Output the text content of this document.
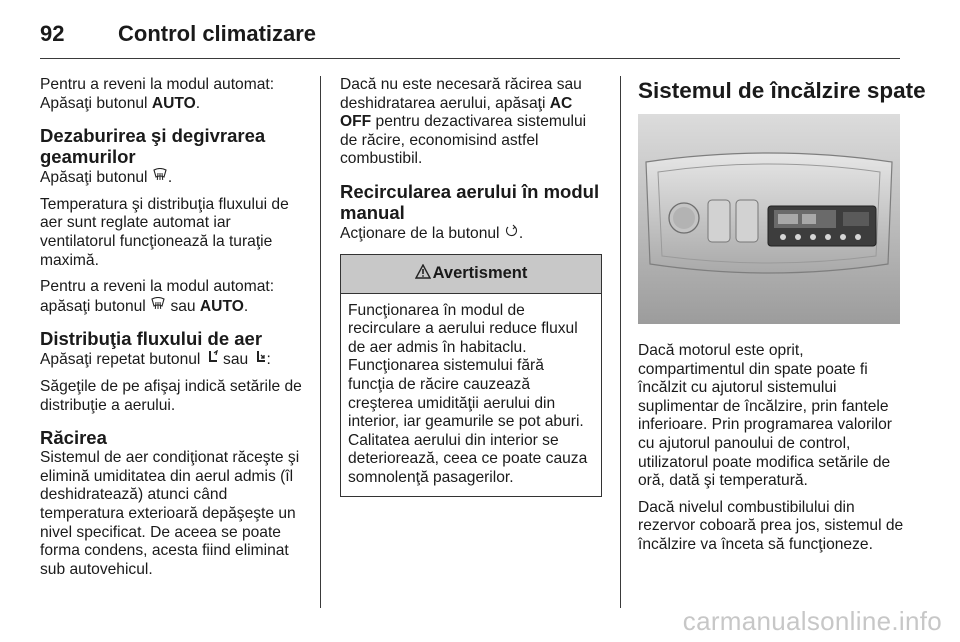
92	Control climatizare

Pentru a reveni la modul automat: Apăsaţi butonul AUTO.

Dezaburirea şi degivrarea geamurilor

Apăsaţi butonul .

Temperatura şi distribuţia fluxului de aer sunt reglate automat iar ventilatorul funcţionează la turaţie maximă.

Pentru a reveni la modul automat: apăsaţi butonul  sau AUTO.

Distribuţia fluxului de aer

Apăsaţi repetat butonul  sau :

Săgeţile de pe afişaj indică setările de distribuţie a aerului.

Răcirea

Sistemul de aer condiţionat răceşte şi elimină umiditatea din aerul admis (îl deshidratează) atunci când temperatura exterioară depăşeşte un nivel specificat. De aceea se poate forma condens, acesta fiind eliminat sub autovehicul.

Dacă nu este necesară răcirea sau deshidratarea aerului, apăsaţi AC OFF pentru dezactivarea sistemului de răcire, economisind astfel combustibil.

Recircularea aerului în modul manual

Acţionare de la butonul .

Avertisment
Funcţionarea în modul de recirculare a aerului reduce fluxul de aer admis în habitaclu. Funcţionarea sistemului fără funcţia de răcire cauzează creşterea umidităţii aerului din interior, iar geamurile se pot aburi. Calitatea aerului din interior se deteriorează, ceea ce poate cauza somnolenţă pasagerilor.
Sistemul de încălzire spate

Dacă motorul este oprit, compartimentul din spate poate fi încălzit cu ajutorul sistemului suplimentar de încălzire, prin fantele inferioare. Prin programarea valorilor cu ajutorul panoului de control, utilizatorul poate modifica setările de oră, dată şi temperatură.

Dacă nivelul combustibilului din rezervor coboară prea jos, sistemul de încălzire va înceta să funcţioneze.

carmanualsonline.info
